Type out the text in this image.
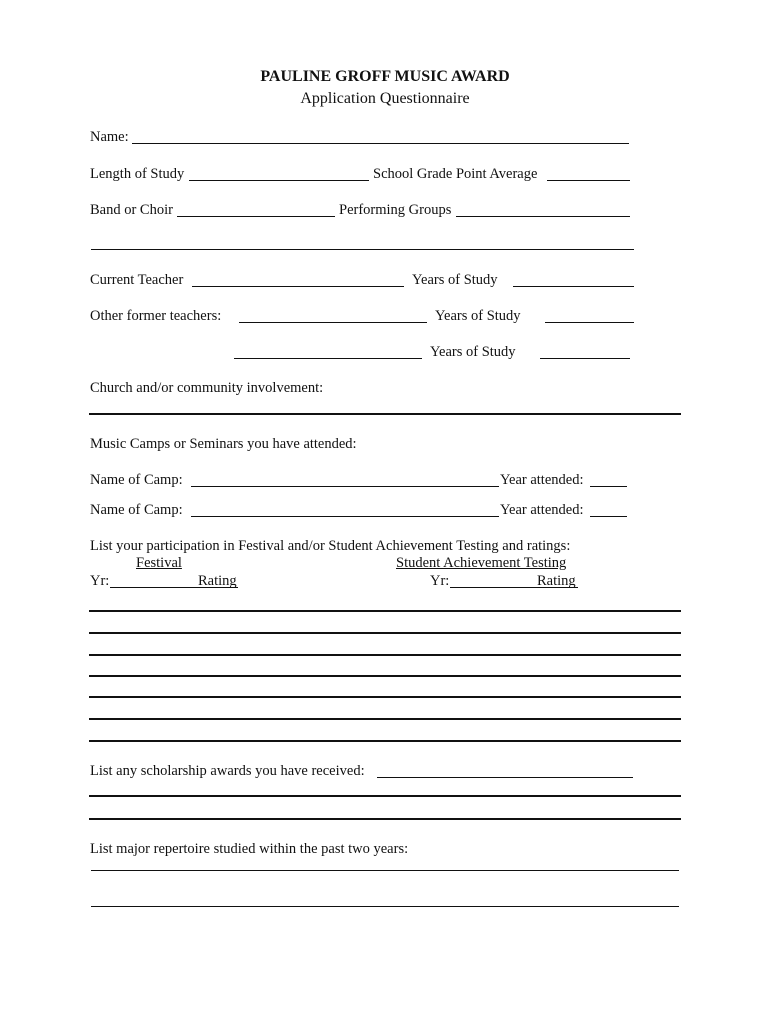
PAULINE GROFF MUSIC AWARD
Application Questionnaire
Name:
Length of Study	School Grade Point Average
Band or Choir	Performing Groups
Current Teacher	Years of Study
Other former teachers:	Years of Study
Years of Study
Church and/or community involvement:
Music Camps or Seminars you have attended:
Name of Camp:	Year attended:
Name of Camp:	Year attended:
List your participation in Festival and/or Student Achievement Testing and ratings:
Festival	Student Achievement Testing
Yr:	Rating	Yr:	Rating
List any scholarship awards you have received:
List major repertoire studied within the past two years:
